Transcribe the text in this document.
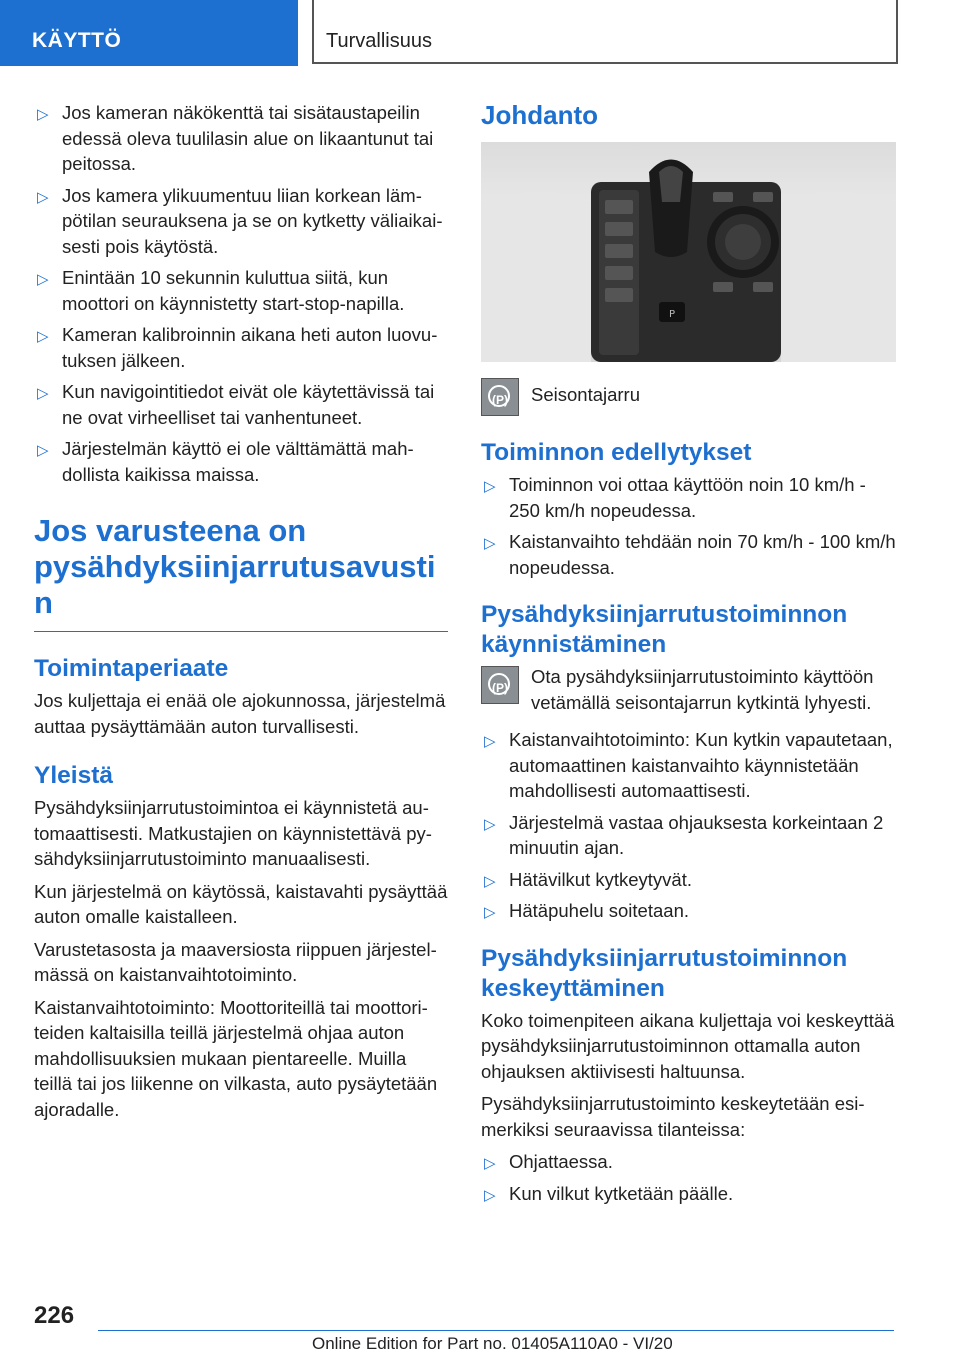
KÄYTTÖ	Turvallisuus
▷ Jos kameran näkökenttä tai sisätaustapeilin edessä oleva tuulilasin alue on likaantunut tai peitossa.
▷ Jos kamera ylikuumentuu liian korkean lämpötilan seurauksena ja se on kytketty väliaikaisesti pois käytöstä.
▷ Enintään 10 sekunnin kuluttua siitä, kun moottori on käynnistetty start-stop-napilla.
▷ Kameran kalibroinnin aikana heti auton luovutuksen jälkeen.
▷ Kun navigointitiedot eivät ole käytettävissä tai ne ovat virheelliset tai vanhentuneet.
▷ Järjestelmän käyttö ei ole välttämättä mahdollista kaikissa maissa.
Jos varusteena on pysähdyksiinjarrutusavusti n
Toimintaperiaate

Jos kuljettaja ei enää ole ajokunnossa, järjestelmä auttaa pysäyttämään auton turvallisesti.

Yleistä

Pysähdyksiinjarrutustoimintoa ei käynnistetä automaattisesti. Matkustajien on käynnistettävä pysähdyksiinjarrutustoiminto manuaalisesti.

Kun järjestelmä on käytössä, kaistavahti pysäyttää auton omalle kaistalleen.

Varustetasosta ja maaversiosta riippuen järjestelmässä on kaistanvaihtotoiminto.

Kaistanvaihtotoiminto: Moottoriteillä tai moottoriteiden kaltaisilla teillä järjestelmä ohjaa auton mahdollisuuksien mukaan pientareelle. Muilla teillä tai jos liikenne on vilkasta, auto pysäytetään ajoradalle.

Johdanto
P
(P)	Seisontajarru
Toiminnon edellytykset
▷ Toiminnon voi ottaa käyttöön noin 10 km/h - 250 km/h nopeudessa.
▷ Kaistanvaihto tehdään noin 70 km/h - 100 km/h nopeudessa.
Pysähdyksiinjarrutustoiminnon käynnistäminen
(P)
Ota pysähdyksiinjarrutustoiminto käyttöön vetämällä seisontajarrun kytkintä lyhyesti.
▷ Kaistanvaihtotoiminto: Kun kytkin vapautetaan, automaattinen kaistanvaihto käynnistetään mahdollisesti automaattisesti.
▷ Järjestelmä vastaa ohjauksesta korkeintaan 2 minuutin ajan.
▷ Hätävilkut kytkeytyvät.
▷ Hätäpuhelu soitetaan.
Pysähdyksiinjarrutustoiminnon keskeyttäminen

Koko toimenpiteen aikana kuljettaja voi keskeyttää pysähdyksiinjarrutustoiminnon ottamalla auton ohjauksen aktiivisesti haltuunsa.

Pysähdyksiinjarrutustoiminto keskeytetään esimerkiksi seuraavissa tilanteissa:

▷ Ohjattaessa.
▷ Kun vilkut kytketään päälle.
226
Online Edition for Part no. 01405A110A0 - VI/20
